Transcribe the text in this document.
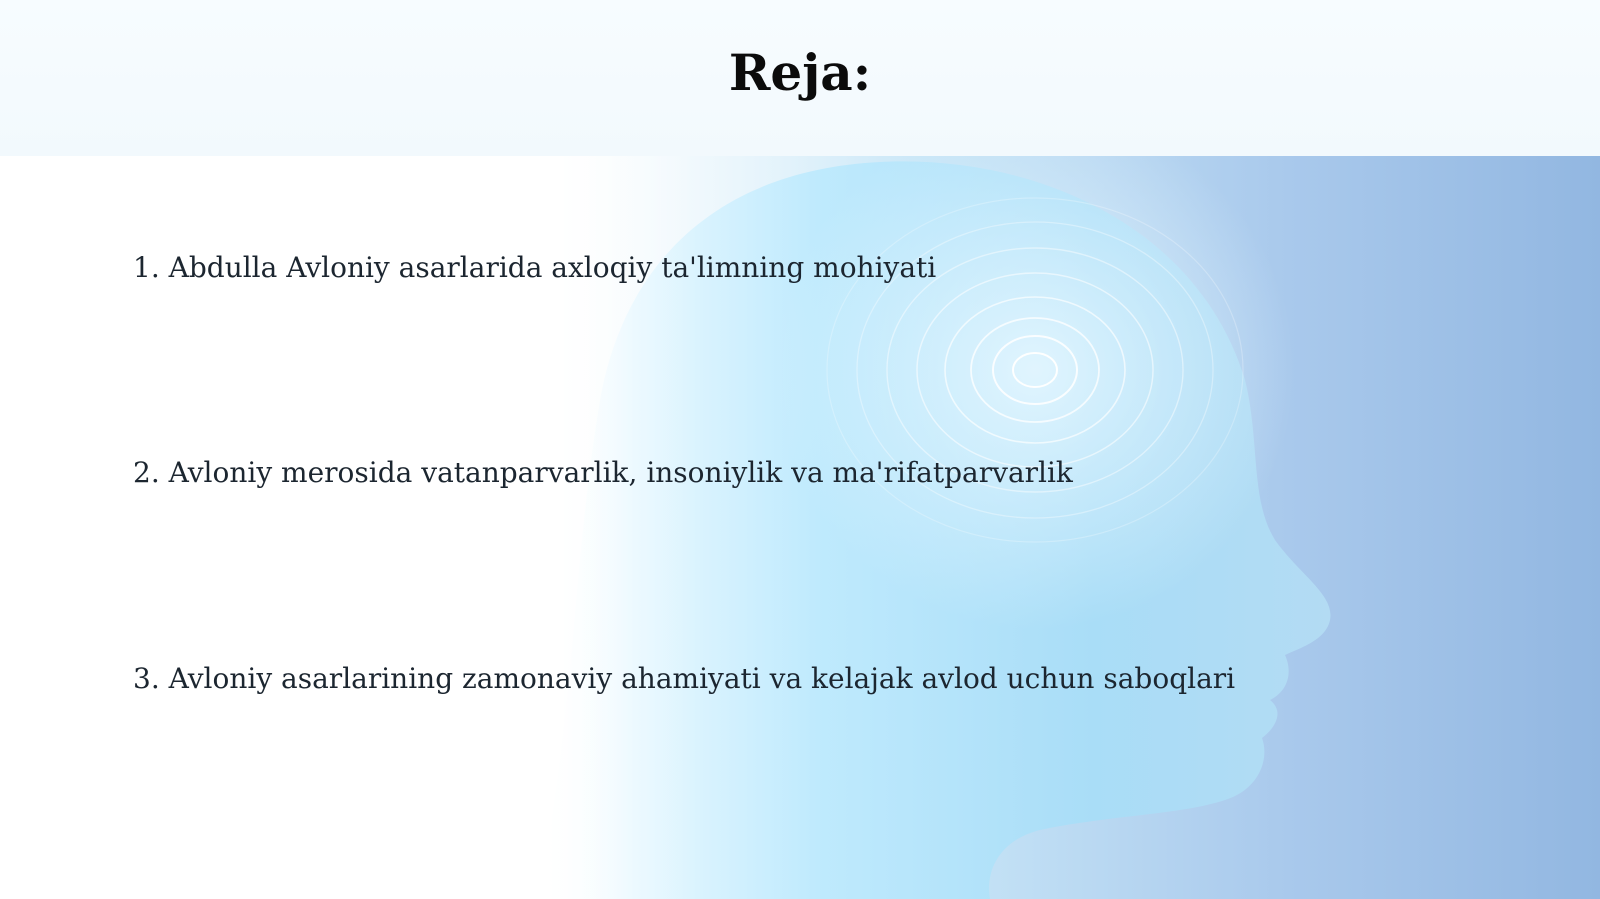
Reja:
1. Abdulla Avloniy asarlarida axloqiy ta'limning mohiyati
2. Avloniy merosida vatanparvarlik, insoniylik va ma'rifatparvarlik
3. Avloniy asarlarining zamonaviy ahamiyati va kelajak avlod uchun saboqlari
